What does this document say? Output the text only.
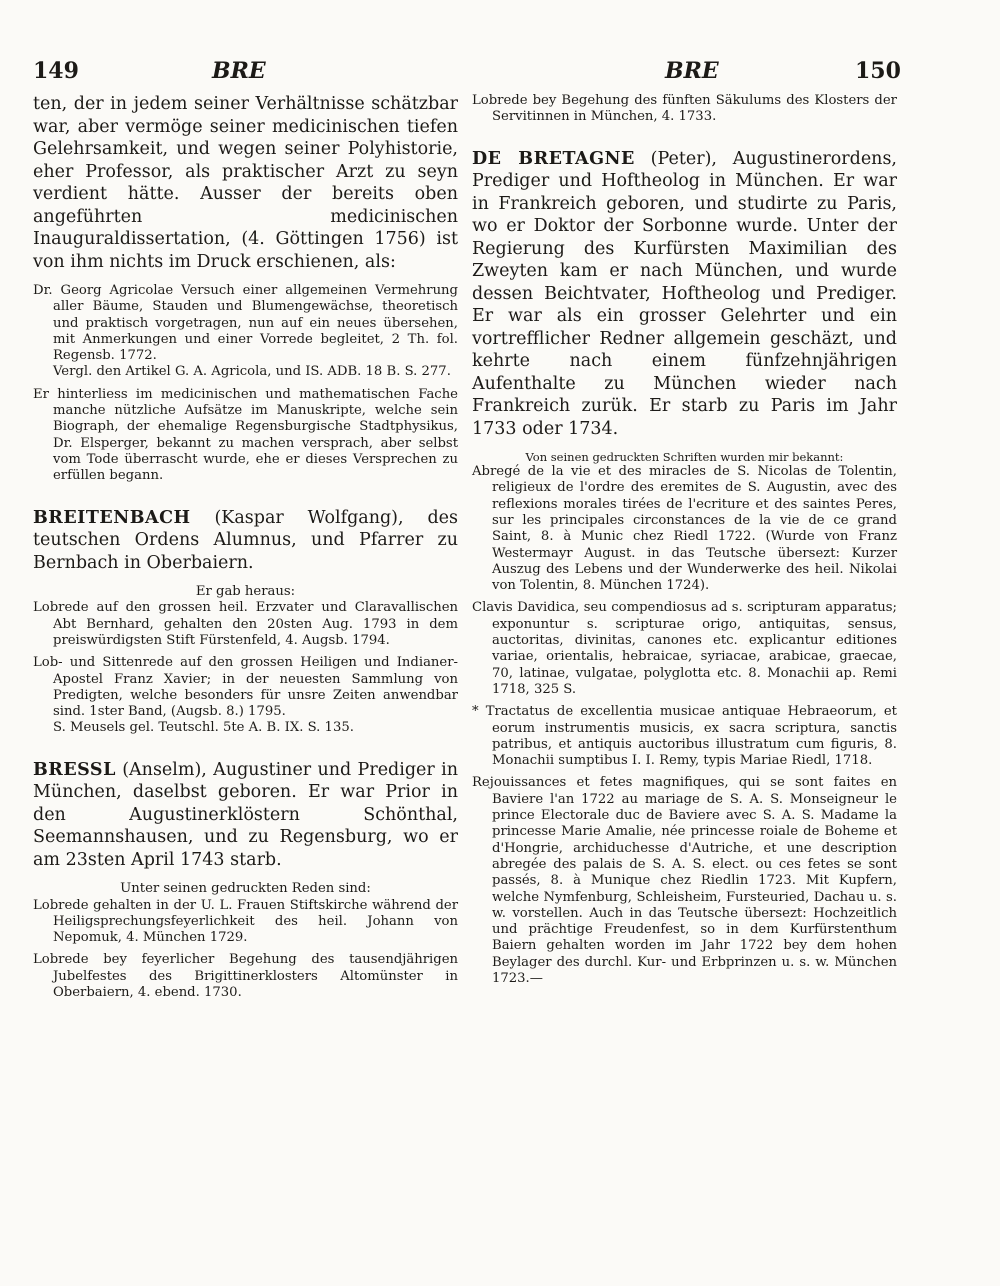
149	BRE	BRE	150

ten, der in jedem seiner Verhältnisse schätzbar war, aber vermöge seiner medicinischen tiefen Gelehrsamkeit, und wegen seiner Polyhistorie, eher Professor, als praktischer Arzt zu seyn verdient hätte. Ausser der bereits oben angeführten medicinischen Inauguraldissertation, (4. Göttingen 1756) ist von ihm nichts im Druck erschienen, als:

Dr. Georg Agricolae Versuch einer allgemeinen Vermehrung aller Bäume, Stauden und Blumengewächse, theoretisch und praktisch vorgetragen, nun auf ein neues übersehen, mit Anmerkungen und einer Vorrede begleitet, 2 Th. fol. Regensb. 1772.

Vergl. den Artikel G. A. Agricola, und IS. ADB. 18 B. S. 277.

Er hinterliess im medicinischen und mathematischen Fache manche nützliche Aufsätze im Manuskripte, welche sein Biograph, der ehemalige Regensburgische Stadtphysikus, Dr. Elsperger, bekannt zu machen versprach, aber selbst vom Tode überrascht wurde, ehe er dieses Versprechen zu erfüllen begann.

BREITENBACH (Kaspar Wolfgang), des teutschen Ordens Alumnus, und Pfarrer zu Bernbach in Oberbaiern.

Er gab heraus:

Lobrede auf den grossen heil. Erzvater und Claravallischen Abt Bernhard, gehalten den 20sten Aug. 1793 in dem preiswürdigsten Stift Fürstenfeld, 4. Augsb. 1794.

Lob- und Sittenrede auf den grossen Heiligen und Indianer-Apostel Franz Xavier; in der neuesten Sammlung von Predigten, welche besonders für unsre Zeiten anwendbar sind. 1ster Band, (Augsb. 8.) 1795.

S. Meusels gel. Teutschl. 5te A. B. IX. S. 135.

BRESSL (Anselm), Augustiner und Prediger in München, daselbst geboren. Er war Prior in den Augustinerklöstern Schönthal, Seemannshausen, und zu Regensburg, wo er am 23sten April 1743 starb.

Unter seinen gedruckten Reden sind:

Lobrede gehalten in der U. L. Frauen Stiftskirche während der Heiligsprechungsfeyerlichkeit des heil. Johann von Nepomuk, 4. München 1729.

Lobrede bey feyerlicher Begehung des tausendjährigen Jubelfestes des Brigittinerklosters Altomünster in Oberbaiern, 4. ebend. 1730.

Lobrede bey Begehung des fünften Säkulums des Klosters der Servitinnen in München, 4. 1733.

DE BRETAGNE (Peter), Augustinerordens, Prediger und Hoftheolog in München. Er war in Frankreich geboren, und studirte zu Paris, wo er Doktor der Sorbonne wurde. Unter der Regierung des Kurfürsten Maximilian des Zweyten kam er nach München, und wurde dessen Beichtvater, Hoftheolog und Prediger. Er war als ein grosser Gelehrter und ein vortrefflicher Redner allgemein geschäzt, und kehrte nach einem fünfzehnjährigen Aufenthalte zu München wieder nach Frankreich zurük. Er starb zu Paris im Jahr 1733 oder 1734.

Von seinen gedruckten Schriften wurden mir bekannt:

Abregé de la vie et des miracles de S. Nicolas de Tolentin, religieux de l'ordre des eremites de S. Augustin, avec des reflexions morales tirées de l'ecriture et des saintes Peres, sur les principales circonstances de la vie de ce grand Saint, 8. à Munic chez Riedl 1722. (Wurde von Franz Westermayr August. in das Teutsche übersezt: Kurzer Auszug des Lebens und der Wunderwerke des heil. Nikolai von Tolentin, 8. München 1724).

Clavis Davidica, seu compendiosus ad s. scripturam apparatus; exponuntur s. scripturae origo, antiquitas, sensus, auctoritas, divinitas, canones etc. explicantur editiones variae, orientalis, hebraicae, syriacae, arabicae, graecae, 70, latinae, vulgatae, polyglotta etc. 8. Monachii ap. Remi 1718, 325 S.

* Tractatus de excellentia musicae antiquae Hebraeorum, et eorum instrumentis musicis, ex sacra scriptura, sanctis patribus, et antiquis auctoribus illustratum cum figuris, 8. Monachii sumptibus I. I. Remy, typis Mariae Riedl, 1718.

Rejouissances et fetes magnifiques, qui se sont faites en Baviere l'an 1722 au mariage de S. A. S. Monseigneur le prince Electorale duc de Baviere avec S. A. S. Madame la princesse Marie Amalie, née princesse roiale de Boheme et d'Hongrie, archiduchesse d'Autriche, et une description abregée des palais de S. A. S. elect. ou ces fetes se sont passés, 8. à Munique chez Riedlin 1723. Mit Kupfern, welche Nymfenburg, Schleisheim, Fursteuried, Dachau u. s. w. vorstellen. Auch in das Teutsche übersezt: Hochzeitlich und prächtige Freudenfest, so in dem Kurfürstenthum Baiern gehalten worden im Jahr 1722 bey dem hohen Beylager des durchl. Kur- und Erbprinzen u. s. w. München 1723.—
